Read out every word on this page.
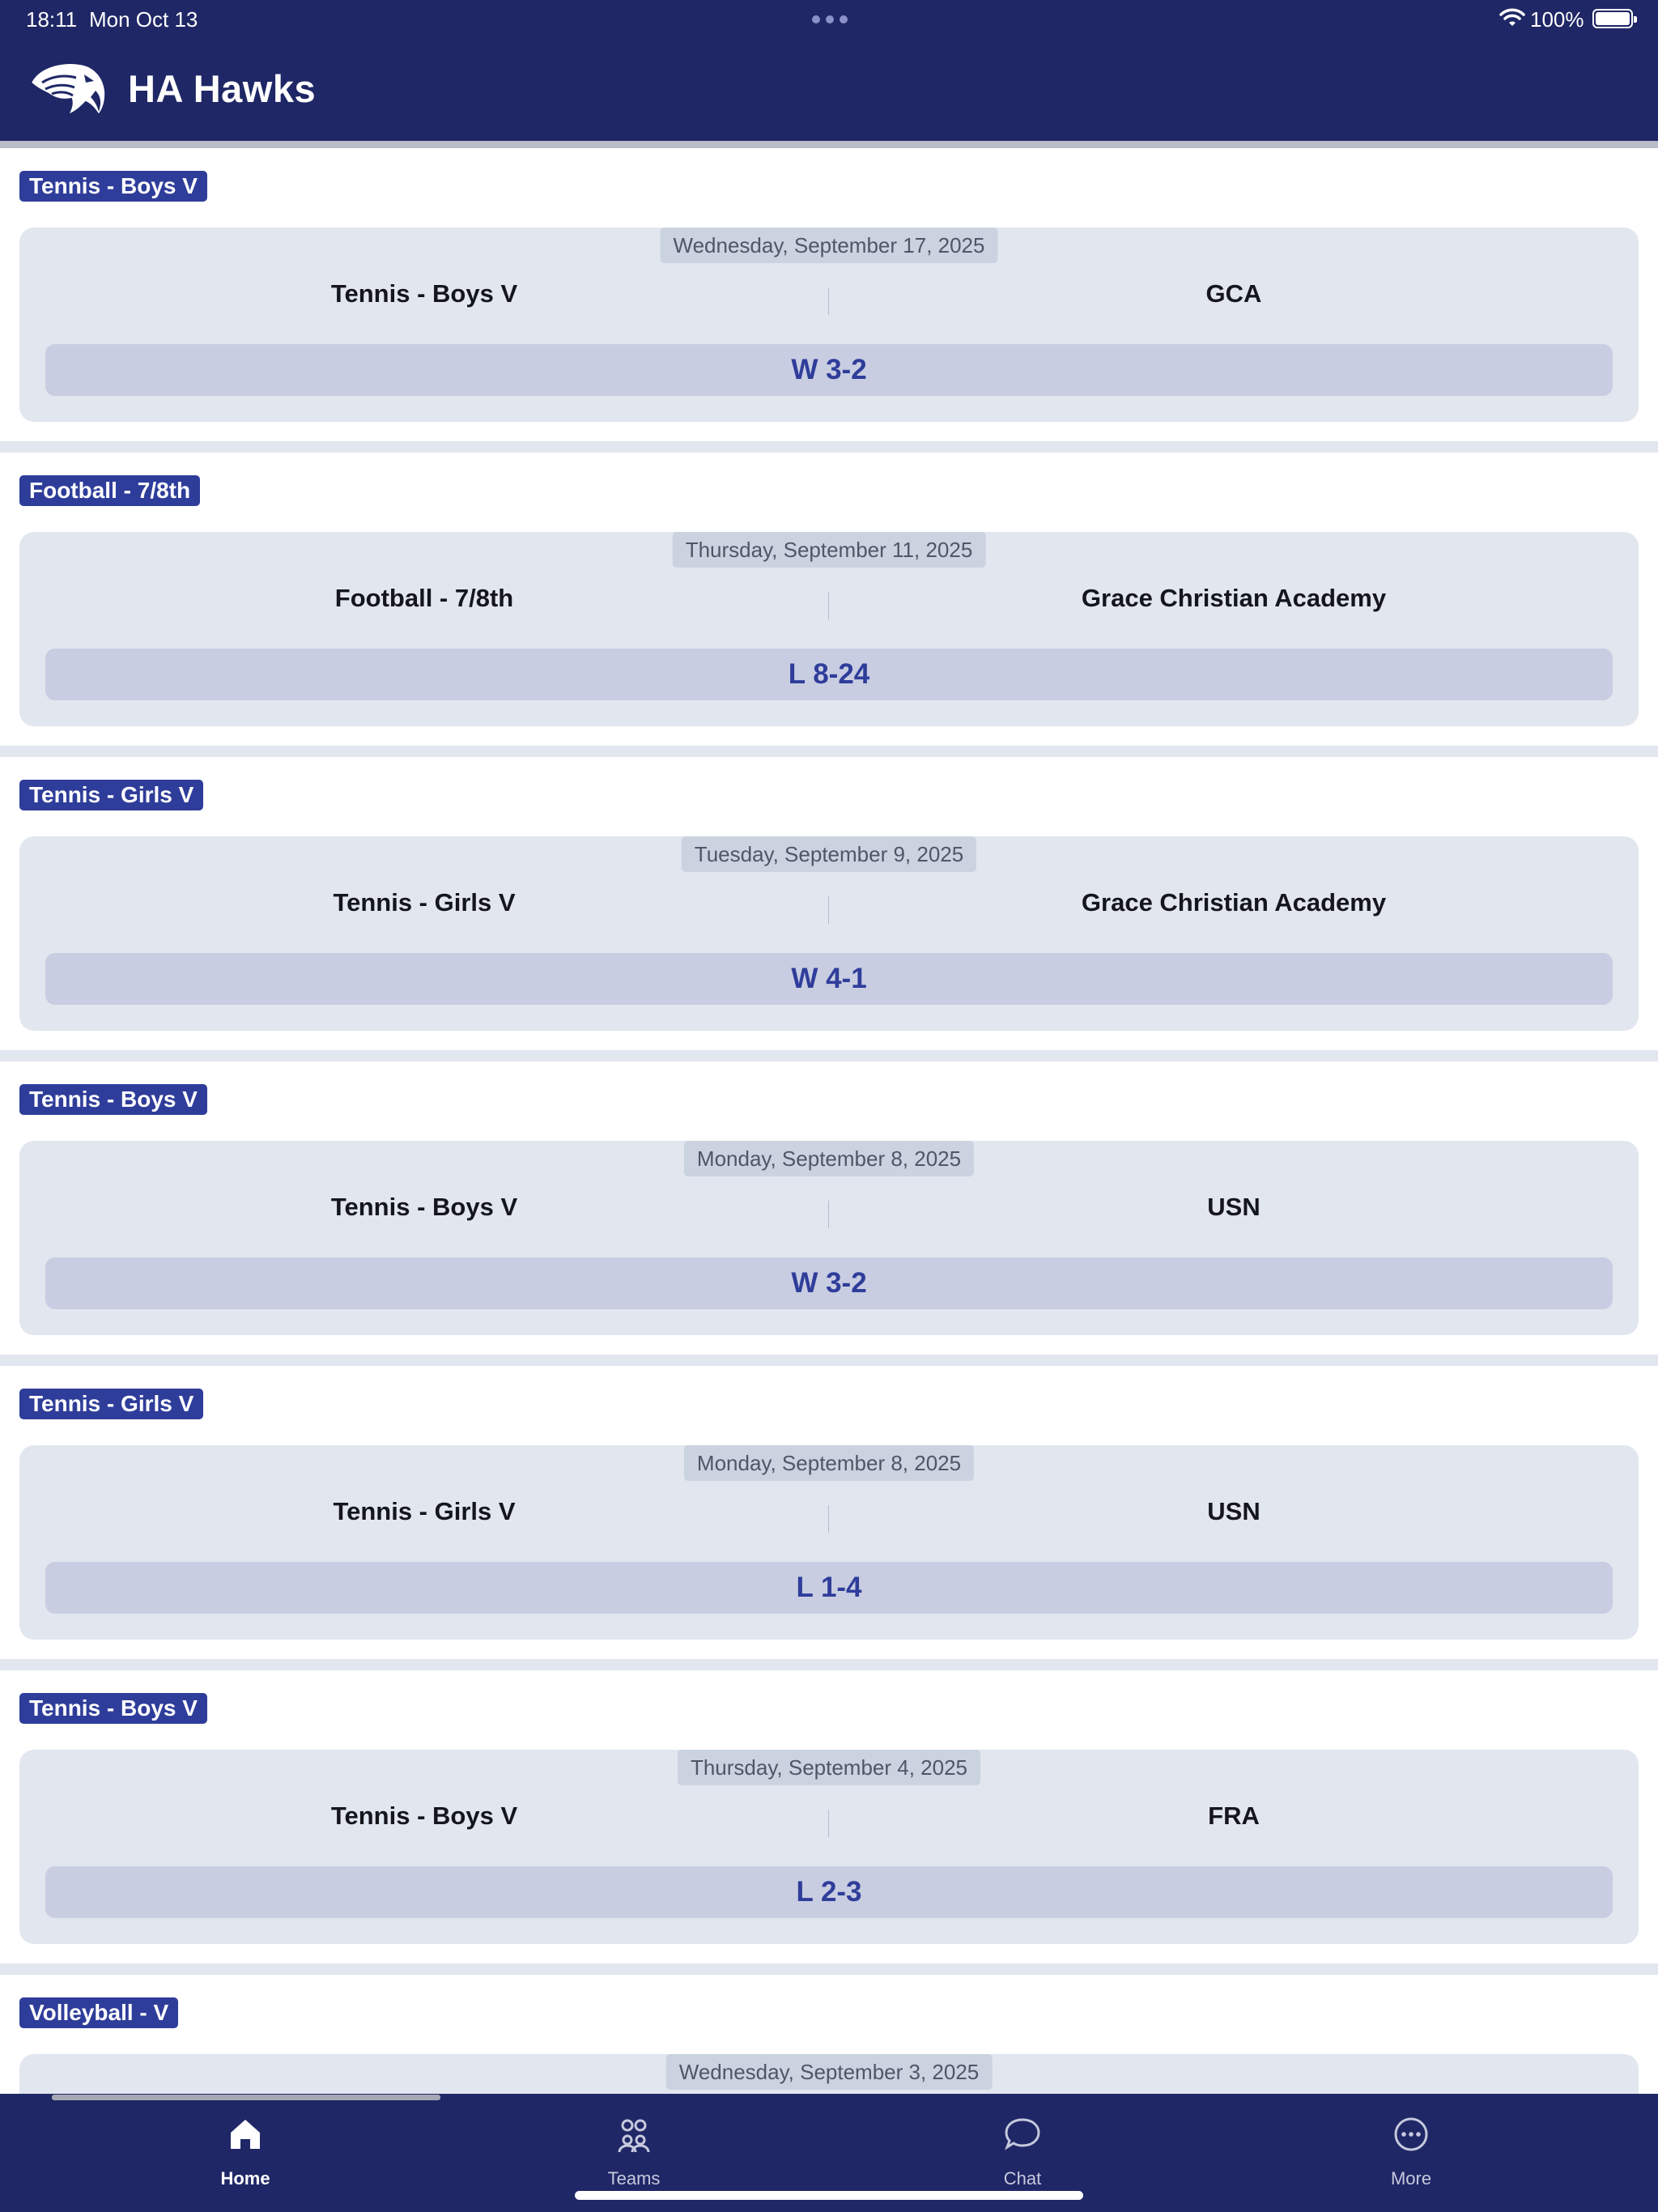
18:11 Mon Oct 13	100%
HA Hawks
Tennis - Boys V
Wednesday, September 17, 2025
Tennis - Boys V	GCA
W 3-2
Football - 7/8th
Thursday, September 11, 2025
Football - 7/8th	Grace Christian Academy
L 8-24
Tennis - Girls V
Tuesday, September 9, 2025
Tennis - Girls V	Grace Christian Academy
W 4-1
Tennis - Boys V
Monday, September 8, 2025
Tennis - Boys V	USN
W 3-2
Tennis - Girls V
Monday, September 8, 2025
Tennis - Girls V	USN
L 1-4
Tennis - Boys V
Thursday, September 4, 2025
Tennis - Boys V	FRA
L 2-3
Volleyball - V
Wednesday, September 3, 2025
Home	Teams	Chat	More
